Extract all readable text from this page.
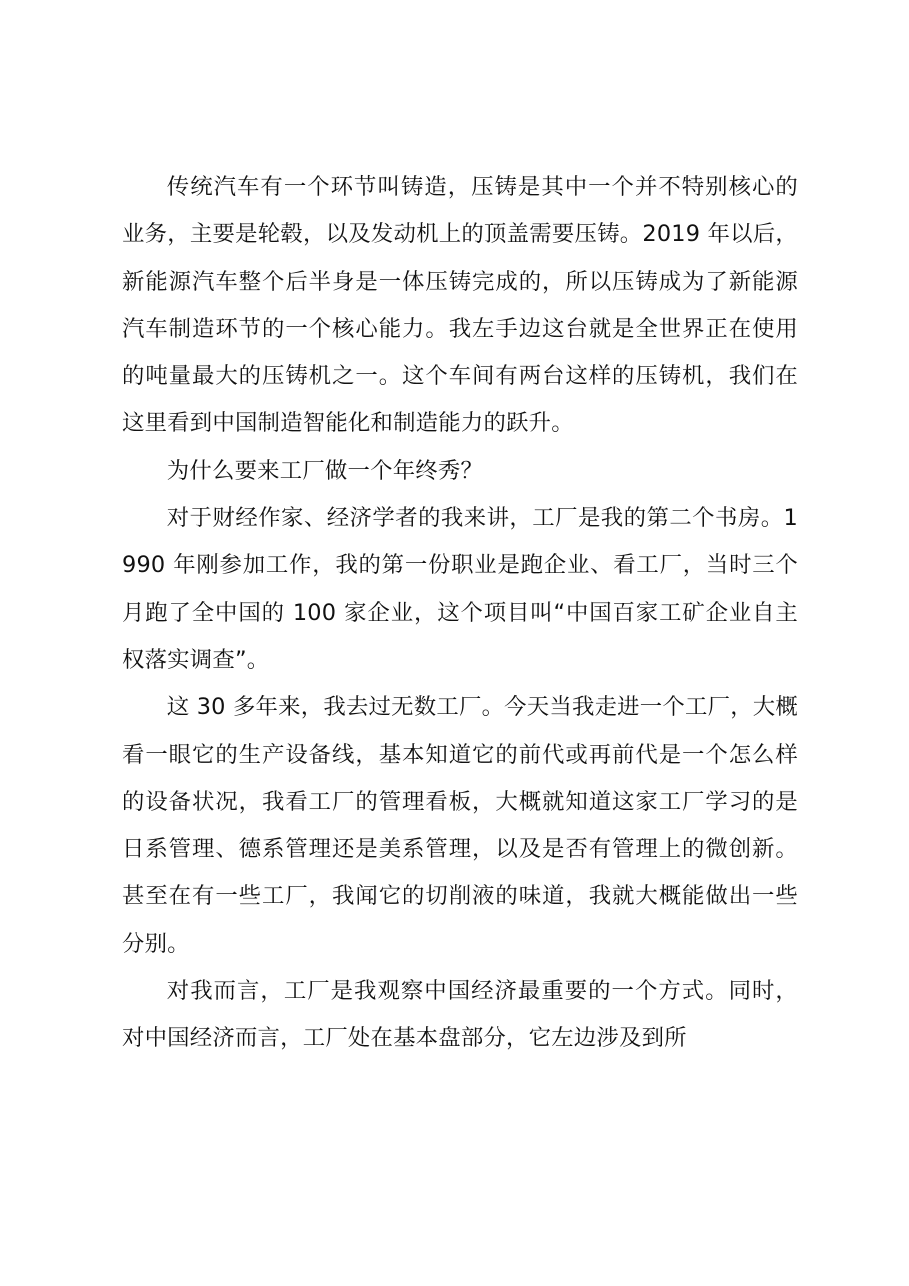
传统汽车有一个环节叫铸造，压铸是其中一个并不特别核心的业务，主要是轮毂，以及发动机上的顶盖需要压铸。2019 年以后，新能源汽车整个后半身是一体压铸完成的，所以压铸成为了新能源汽车制造环节的一个核心能力。我左手边这台就是全世界正在使用的吨量最大的压铸机之一。这个车间有两台这样的压铸机，我们在这里看到中国制造智能化和制造能力的跃升。

为什么要来工厂做一个年终秀？

对于财经作家、经济学者的我来讲，工厂是我的第二个书房。1990 年刚参加工作，我的第一份职业是跑企业、看工厂，当时三个月跑了全中国的 100 家企业，这个项目叫“中国百家工矿企业自主权落实调查”。

这 30 多年来，我去过无数工厂。今天当我走进一个工厂，大概看一眼它的生产设备线，基本知道它的前代或再前代是一个怎么样的设备状况，我看工厂的管理看板，大概就知道这家工厂学习的是日系管理、德系管理还是美系管理，以及是否有管理上的微创新。甚至在有一些工厂，我闻它的切削液的味道，我就大概能做出一些分别。

对我而言，工厂是我观察中国经济最重要的一个方式。同时，对中国经济而言，工厂处在基本盘部分，它左边涉及到所
